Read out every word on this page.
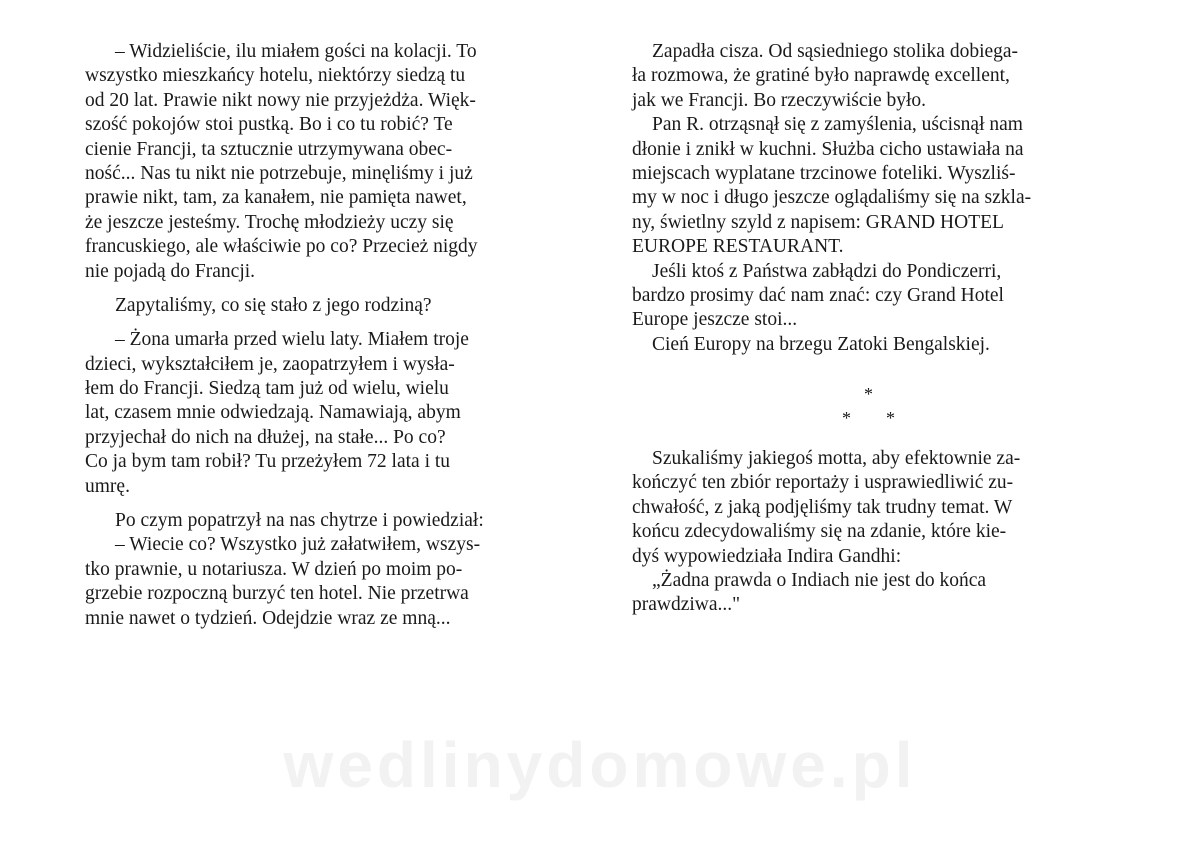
– Widzieliście, ilu miałem gości na kolacji. To
wszystko mieszkańcy hotelu, niektórzy siedzą tu
od 20 lat. Prawie nikt nowy nie przyjeżdża. Więk-
szość pokojów stoi pustką. Bo i co tu robić? Te
cienie Francji, ta sztucznie utrzymywana obec-
ność... Nas tu nikt nie potrzebuje, minęliśmy i już
prawie nikt, tam, za kanałem, nie pamięta nawet,
że jeszcze jesteśmy. Trochę młodzieży uczy się
francuskiego, ale właściwie po co? Przecież nigdy
nie pojadą do Francji.
Zapytaliśmy, co się stało z jego rodziną?
– Żona umarła przed wielu laty. Miałem troje
dzieci, wykształciłem je, zaopatrzyłem i wysła-
łem do Francji. Siedzą tam już od wielu, wielu
lat, czasem mnie odwiedzają. Namawiają, abym
przyjechał do nich na dłużej, na stałe... Po co?
Co ja bym tam robił? Tu przeżyłem 72 lata i tu
umrę.
Po czym popatrzył na nas chytrze i powiedział:
– Wiecie co? Wszystko już załatwiłem, wszys-
tko prawnie, u notariusza. W dzień po moim po-
grzebie rozpoczną burzyć ten hotel. Nie przetrwa
mnie nawet o tydzień. Odejdzie wraz ze mną...
Zapadła cisza. Od sąsiedniego stolika dobiega-
ła rozmowa, że gratiné było naprawdę excellent,
jak we Francji. Bo rzeczywiście było.
Pan R. otrząsnął się z zamyślenia, uścisnął nam
dłonie i znikł w kuchni. Służba cicho ustawiała na
miejscach wyplatane trzcinowe foteliki. Wyszliś-
my w noc i długo jeszcze oglądaliśmy się na szkla-
ny, świetlny szyld z napisem: GRAND HOTEL
EUROPE RESTAURANT.
Jeśli ktoś z Państwa zabłądzi do Pondiczerri,
bardzo prosimy dać nam znać: czy Grand Hotel
Europe jeszcze stoi...
Cień Europy na brzegu Zatoki Bengalskiej.
*
* *
Szukaliśmy jakiegoś motta, aby efektownie za-
kończyć ten zbiór reportaży i usprawiedliwić zu-
chwałość, z jaką podjęliśmy tak trudny temat. W
końcu zdecydowaliśmy się na zdanie, które kie-
dyś wypowiedziała Indira Gandhi:
„Żadna prawda o Indiach nie jest do końca
prawdziwa..."
wedlinydomowe.pl
